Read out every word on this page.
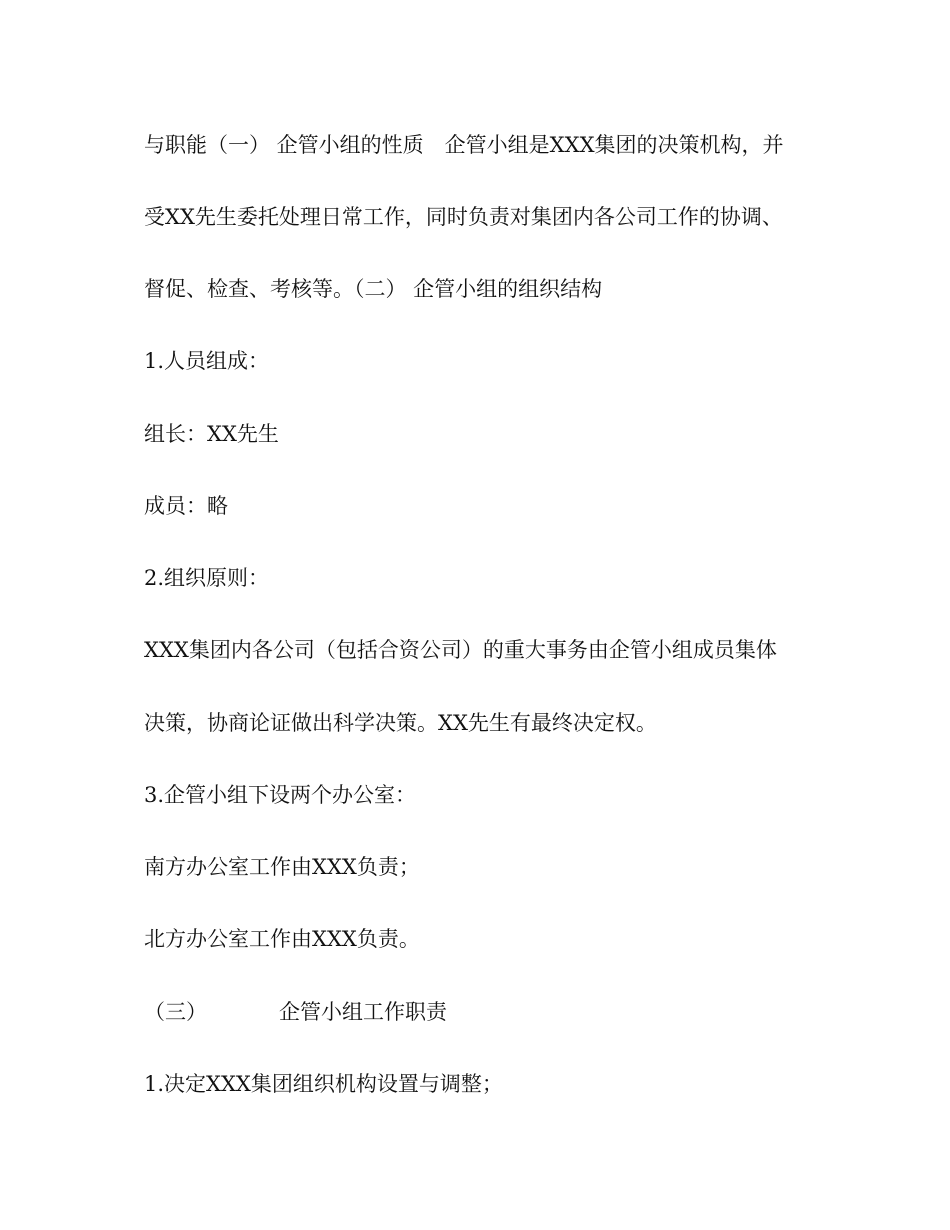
与职能（一） 企管小组的性质　企管小组是XXX集团的决策机构，并
受XX先生委托处理日常工作，同时负责对集团内各公司工作的协调、
督促、检查、考核等。（二） 企管小组的组织结构
1.人员组成：
组长：XX先生
成员：略
2.组织原则：
XXX集团内各公司（包括合资公司）的重大事务由企管小组成员集体
决策，协商论证做出科学决策。XX先生有最终决定权。
3.企管小组下设两个办公室：
南方办公室工作由XXX负责；
北方办公室工作由XXX负责。
（三）	企管小组工作职责
1.决定XXX集团组织机构设置与调整；
